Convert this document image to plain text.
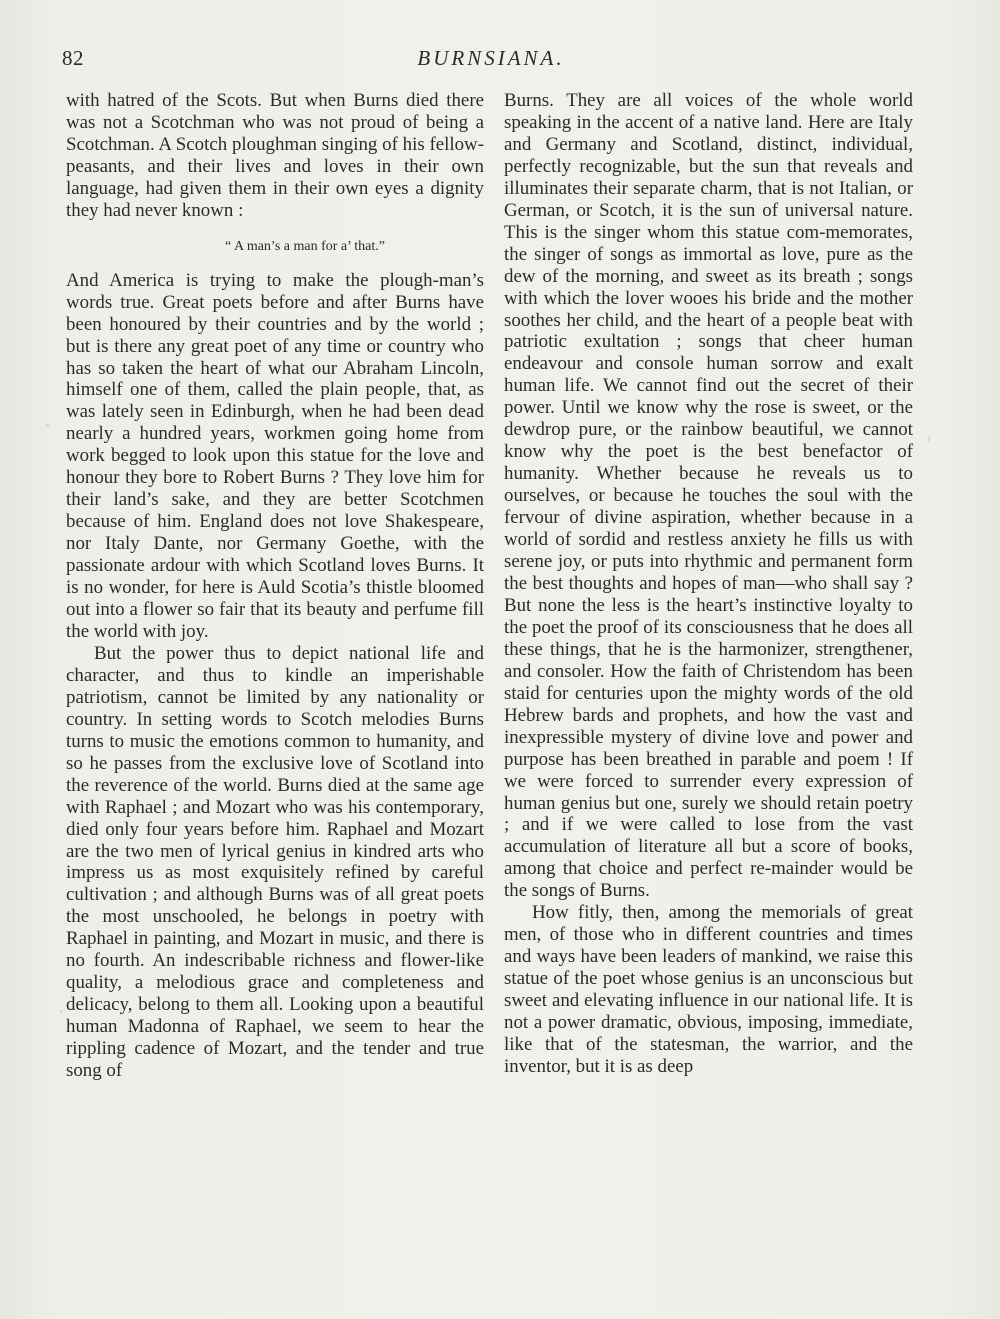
82	BURNSIANA.

with hatred of the Scots. But when Burns died there was not a Scotchman who was not proud of being a Scotchman. A Scotch ploughman singing of his fellow-peasants, and their lives and loves in their own language, had given them in their own eyes a dignity they had never known :

“ A man’s a man for a’ that.”

And America is trying to make the plough-man’s words true. Great poets before and after Burns have been honoured by their countries and by the world ; but is there any great poet of any time or country who has so taken the heart of what our Abraham Lincoln, himself one of them, called the plain people, that, as was lately seen in Edinburgh, when he had been dead nearly a hundred years, workmen going home from work begged to look upon this statue for the love and honour they bore to Robert Burns ? They love him for their land’s sake, and they are better Scotchmen because of him. England does not love Shakespeare, nor Italy Dante, nor Germany Goethe, with the passionate ardour with which Scotland loves Burns. It is no wonder, for here is Auld Scotia’s thistle bloomed out into a flower so fair that its beauty and perfume fill the world with joy.

But the power thus to depict national life and character, and thus to kindle an imperishable patriotism, cannot be limited by any nationality or country. In setting words to Scotch melodies Burns turns to music the emotions common to humanity, and so he passes from the exclusive love of Scotland into the reverence of the world. Burns died at the same age with Raphael ; and Mozart who was his contemporary, died only four years before him. Raphael and Mozart are the two men of lyrical genius in kindred arts who impress us as most exquisitely refined by careful cultivation ; and although Burns was of all great poets the most unschooled, he belongs in poetry with Raphael in painting, and Mozart in music, and there is no fourth. An indescribable richness and flower-like quality, a melodious grace and completeness and delicacy, belong to them all. Looking upon a beautiful human Madonna of Raphael, we seem to hear the rippling cadence of Mozart, and the tender and true song of

Burns. They are all voices of the whole world speaking in the accent of a native land. Here are Italy and Germany and Scotland, distinct, individual, perfectly recognizable, but the sun that reveals and illuminates their separate charm, that is not Italian, or German, or Scotch, it is the sun of universal nature. This is the singer whom this statue com-memorates, the singer of songs as immortal as love, pure as the dew of the morning, and sweet as its breath ; songs with which the lover wooes his bride and the mother soothes her child, and the heart of a people beat with patriotic exultation ; songs that cheer human endeavour and console human sorrow and exalt human life. We cannot find out the secret of their power. Until we know why the rose is sweet, or the dewdrop pure, or the rainbow beautiful, we cannot know why the poet is the best benefactor of humanity. Whether because he reveals us to ourselves, or because he touches the soul with the fervour of divine aspiration, whether because in a world of sordid and restless anxiety he fills us with serene joy, or puts into rhythmic and permanent form the best thoughts and hopes of man—who shall say ? But none the less is the heart’s instinctive loyalty to the poet the proof of its consciousness that he does all these things, that he is the harmonizer, strengthener, and consoler. How the faith of Christendom has been staid for centuries upon the mighty words of the old Hebrew bards and prophets, and how the vast and inexpressible mystery of divine love and power and purpose has been breathed in parable and poem ! If we were forced to surrender every expression of human genius but one, surely we should retain poetry ; and if we were called to lose from the vast accumulation of literature all but a score of books, among that choice and perfect re-mainder would be the songs of Burns.

How fitly, then, among the memorials of great men, of those who in different countries and times and ways have been leaders of mankind, we raise this statue of the poet whose genius is an unconscious but sweet and elevating influence in our national life. It is not a power dramatic, obvious, imposing, immediate, like that of the statesman, the warrior, and the inventor, but it is as deep
